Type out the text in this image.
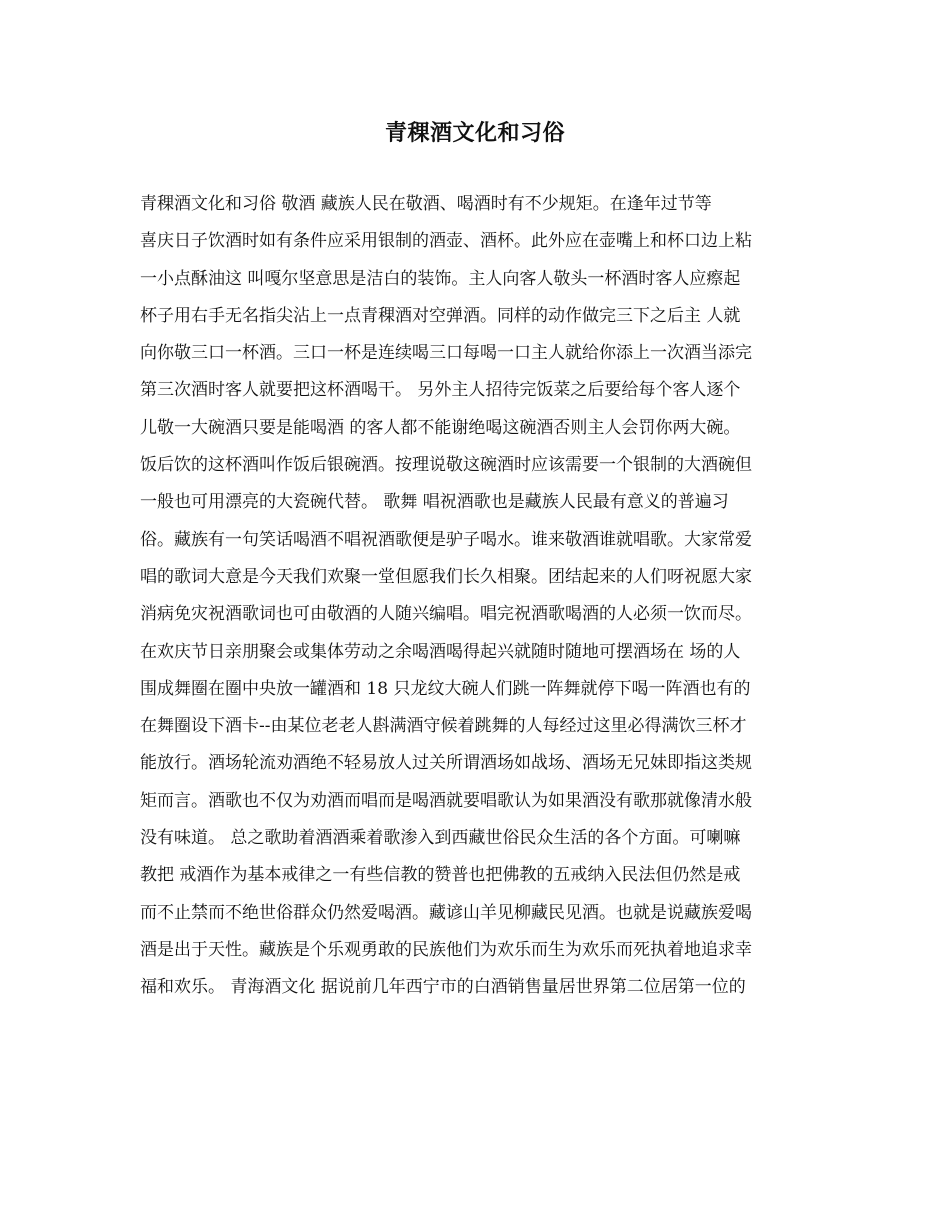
青稞酒文化和习俗
青稞酒文化和习俗 敬酒 藏族人民在敬酒、喝酒时有不少规矩。在逢年过节等
喜庆日子饮酒时如有条件应采用银制的酒壶、酒杯。此外应在壶嘴上和杯口边上粘
一小点酥油这 叫嘎尔坚意思是洁白的装饰。主人向客人敬头一杯酒时客人应瘵起
杯子用右手无名指尖沾上一点青稞酒对空弹酒。同样的动作做完三下之后主 人就
向你敬三口一杯酒。三口一杯是连续喝三口每喝一口主人就给你添上一次酒当添完
第三次酒时客人就要把这杯酒喝干。 另外主人招待完饭菜之后要给每个客人逐个
儿敬一大碗酒只要是能喝酒 的客人都不能谢绝喝这碗酒否则主人会罚你两大碗。
饭后饮的这杯酒叫作饭后银碗酒。按理说敬这碗酒时应该需要一个银制的大酒碗但
一般也可用漂亮的大瓷碗代替。 歌舞 唱祝酒歌也是藏族人民最有意义的普遍习
俗。藏族有一句笑话喝酒不唱祝酒歌便是驴子喝水。谁来敬酒谁就唱歌。大家常爱
唱的歌词大意是今天我们欢聚一堂但愿我们长久相聚。团结起来的人们呀祝愿大家
消病免灾祝酒歌词也可由敬酒的人随兴编唱。唱完祝酒歌喝酒的人必须一饮而尽。
在欢庆节日亲朋聚会或集体劳动之余喝酒喝得起兴就随时随地可摆酒场在 场的人
围成舞圈在圈中央放一罐酒和 18 只龙纹大碗人们跳一阵舞就停下喝一阵酒也有的
在舞圈设下酒卡--由某位老老人斟满酒守候着跳舞的人每经过这里必得满饮三杯才
能放行。酒场轮流劝酒绝不轻易放人过关所谓酒场如战场、酒场无兄妹即指这类规
矩而言。酒歌也不仅为劝酒而唱而是喝酒就要唱歌认为如果酒没有歌那就像清水般
没有味道。 总之歌助着酒酒乘着歌渗入到西藏世俗民众生活的各个方面。可喇嘛
教把 戒酒作为基本戒律之一有些信教的赞普也把佛教的五戒纳入民法但仍然是戒
而不止禁而不绝世俗群众仍然爱喝酒。藏谚山羊见柳藏民见酒。也就是说藏族爱喝
酒是出于天性。藏族是个乐观勇敢的民族他们为欢乐而生为欢乐而死执着地追求幸
福和欢乐。 青海酒文化 据说前几年西宁市的白酒销售量居世界第二位居第一位的
